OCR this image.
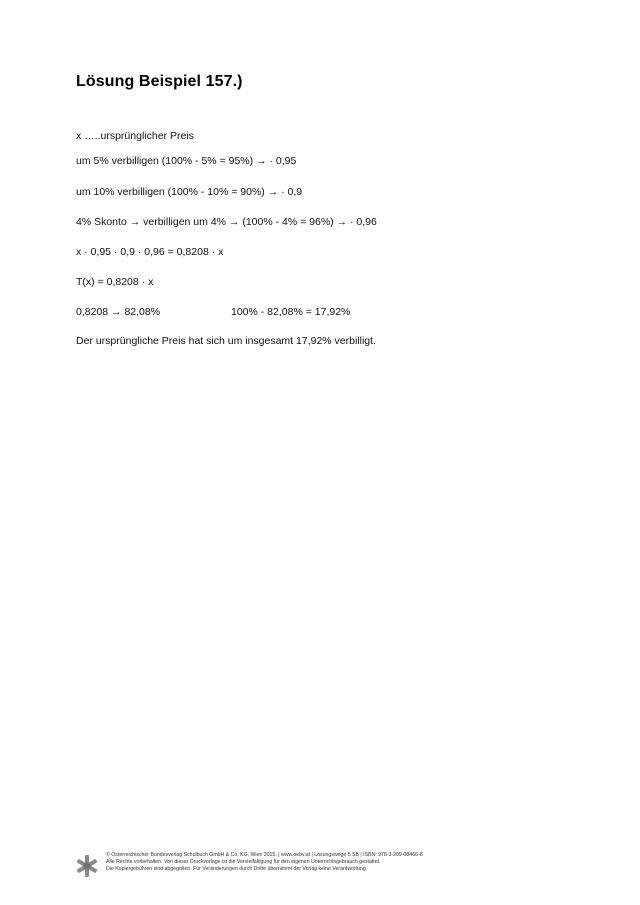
Lösung Beispiel 157.)
x …..ursprünglicher Preis
um 5% verbilligen (100% - 5% = 95%) → · 0,95
um 10% verbilligen (100% - 10% = 90%) → · 0,9
4% Skonto → verbilligen um 4% → (100% - 4% = 96%) → · 0,96
x · 0,95 · 0,9 · 0,96 = 0,8208 · x
T(x) = 0,8208 · x
0,8208 → 82,08%	100% - 82,08% = 17,92%
Der ursprüngliche Preis hat sich um insgesamt 17,92% verbilligt.
© Österreichischer Bundesverlag Schulbuch GmbH & Co. KG, Wien 2015. | www.oebv.at | Lösungswege 5 SB | ISBN: 978-3-209-08466-8
Alle Rechte vorbehalten. Von dieser Druckvorlage ist die Vervielfältigung für den eigenen Unterrichtsgebrauch gestattet.
Die Kopiergebühren sind abgegolten. Für Veränderungen durch Dritte übernimmt der Verlag keine Verantwortung.
